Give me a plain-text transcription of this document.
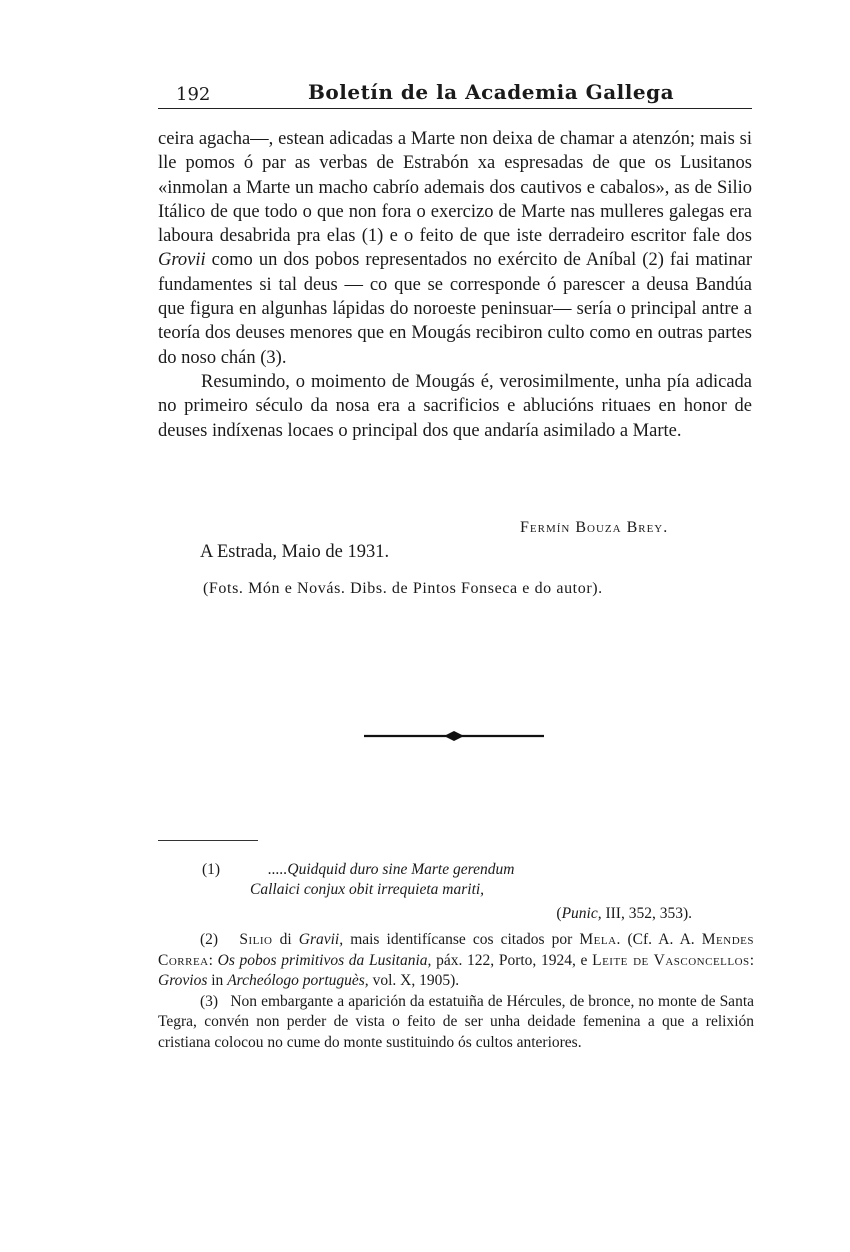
192	Boletín de la Academia Gallega

ceira agacha—, estean adicadas a Marte non deixa de chamar a atenzón; mais si lle pomos ó par as verbas de Estrabón xa espresadas de que os Lusitanos «inmolan a Marte un macho cabrío ademais dos cautivos e cabalos», as de Silio Itálico de que todo o que non fora o exercizo de Marte nas mulleres galegas era laboura desabrida pra elas (1) e o feito de que iste derradeiro escritor fale dos Grovii como un dos pobos representados no exército de Aníbal (2) fai matinar fundamentes si tal deus — co que se corresponde ó parescer a deusa Bandúa que figura en algunhas lápidas do noroeste peninsuar— sería o principal antre a teoría dos deuses menores que en Mougás recibiron culto como en outras partes do noso chán (3).

Resumindo, o moimento de Mougás é, verosimilmente, unha pía adicada no primeiro século da nosa era a sacrificios e ablucións rituaes en honor de deuses indíxenas locaes o principal dos que andaría asimilado a Marte.

Fermín Bouza Brey.
A Estrada, Maio de 1931.
(Fots. Món e Novás. Dibs. de Pintos Fonseca e do autor).
(1)	.....Quidquid duro sine Marte gerendum
Callaici conjux obit irrequieta mariti,
(Punic, III, 352, 353).

(2) Silio di Gravii, mais identifícanse cos citados por Mela. (Cf. A. A. Mendes Correa: Os pobos primitivos da Lusitania, páx. 122, Porto, 1924, e Leite de Vasconcellos: Grovios in Archeólogo portuguès, vol. X, 1905).

(3) Non embargante a aparición da estatuiña de Hércules, de bronce, no monte de Santa Tegra, convén non perder de vista o feito de ser unha deidade femenina a que a relixión cristiana colocou no cume do monte sustituindo ós cultos anteriores.
